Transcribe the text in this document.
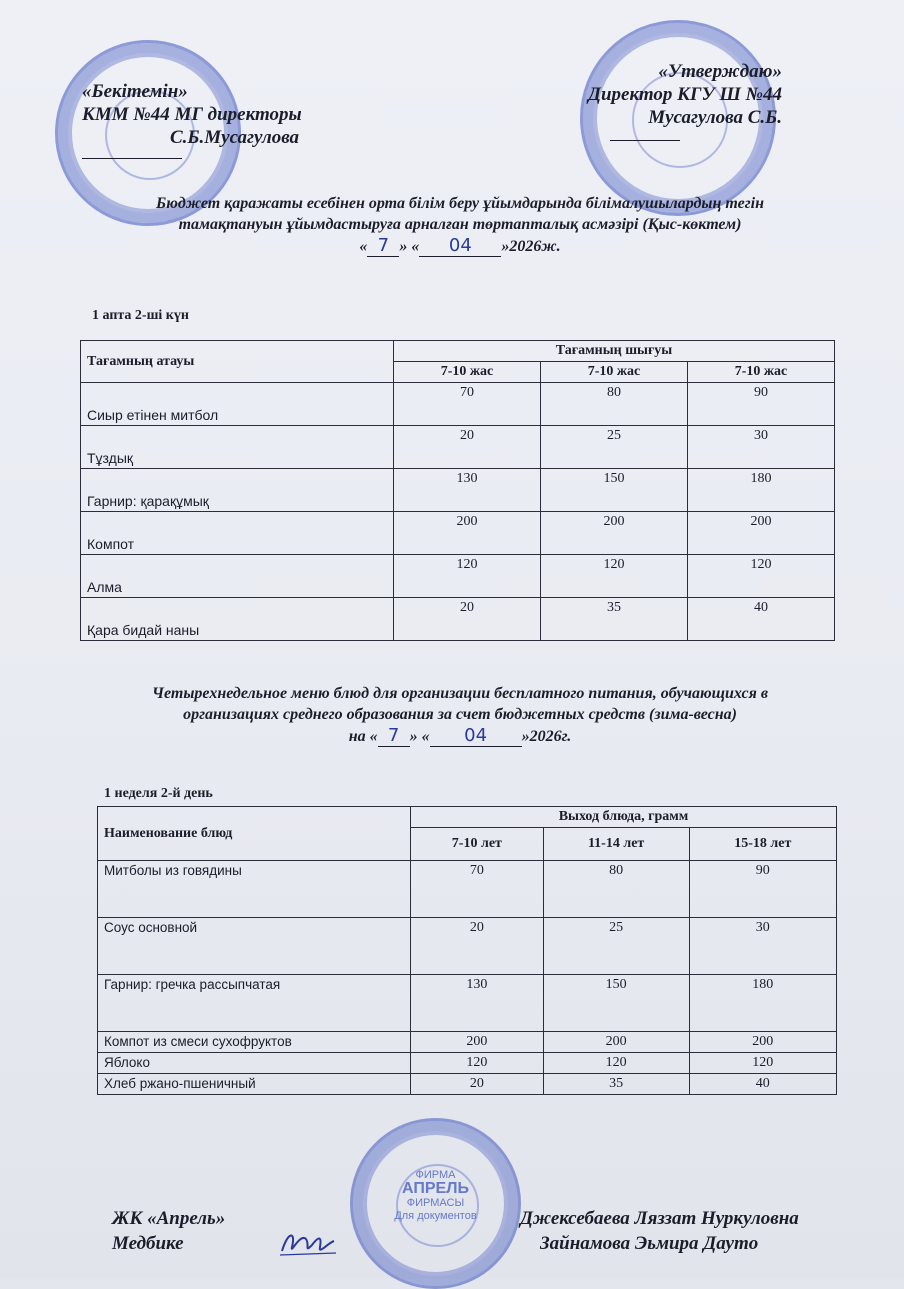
ФИРМА
АПРЕЛЬ
ФИРМАСЫ
Для документов
«Бекітемін»
КММ №44 МГ директоры
С.Б.Мусагулова
«Утверждаю»
Директор КГУ Ш №44
Мусагулова С.Б.
Бюджет қаражаты есебінен орта білім беру ұйымдарында білімалушылардың тегін
тамақтануын ұйымдастыруға арналған төртапталық асмәзірі (Қыс-көктем)
« 7 » « 04 »2026ж.
1 апта 2-ші күн
Тағамның атауы	Тағамның шығуы		
	7-10 жас	7-10 жас	7-10 жас
Сиыр етінен митбол	70	80	90
Тұздық	20	25	30
Гарнир: қарақұмық	130	150	180
Компот	200	200	200
Алма	120	120	120
Қара бидай наны	20	35	40
Четырехнедельное меню блюд для организации бесплатного питания, обучающихся в
организациях среднего образования за счет бюджетных средств (зима-весна)
на « 7 » « 04 »2026г.
1 неделя 2-й день
Наименование блюд	Выход блюда, грамм		
	7-10 лет	11-14 лет	15-18 лет
Митболы из говядины	70	80	90
Соус основной	20	25	30
Гарнир: гречка рассыпчатая	130	150	180
Компот из смеси сухофруктов	200	200	200
Яблоко	120	120	120
Хлеб ржано-пшеничный	20	35	40
ЖК «Апрель»
Медбике
Джексебаева Ляззат Нуркуловна
Зайнамова Эьмира Даутo
